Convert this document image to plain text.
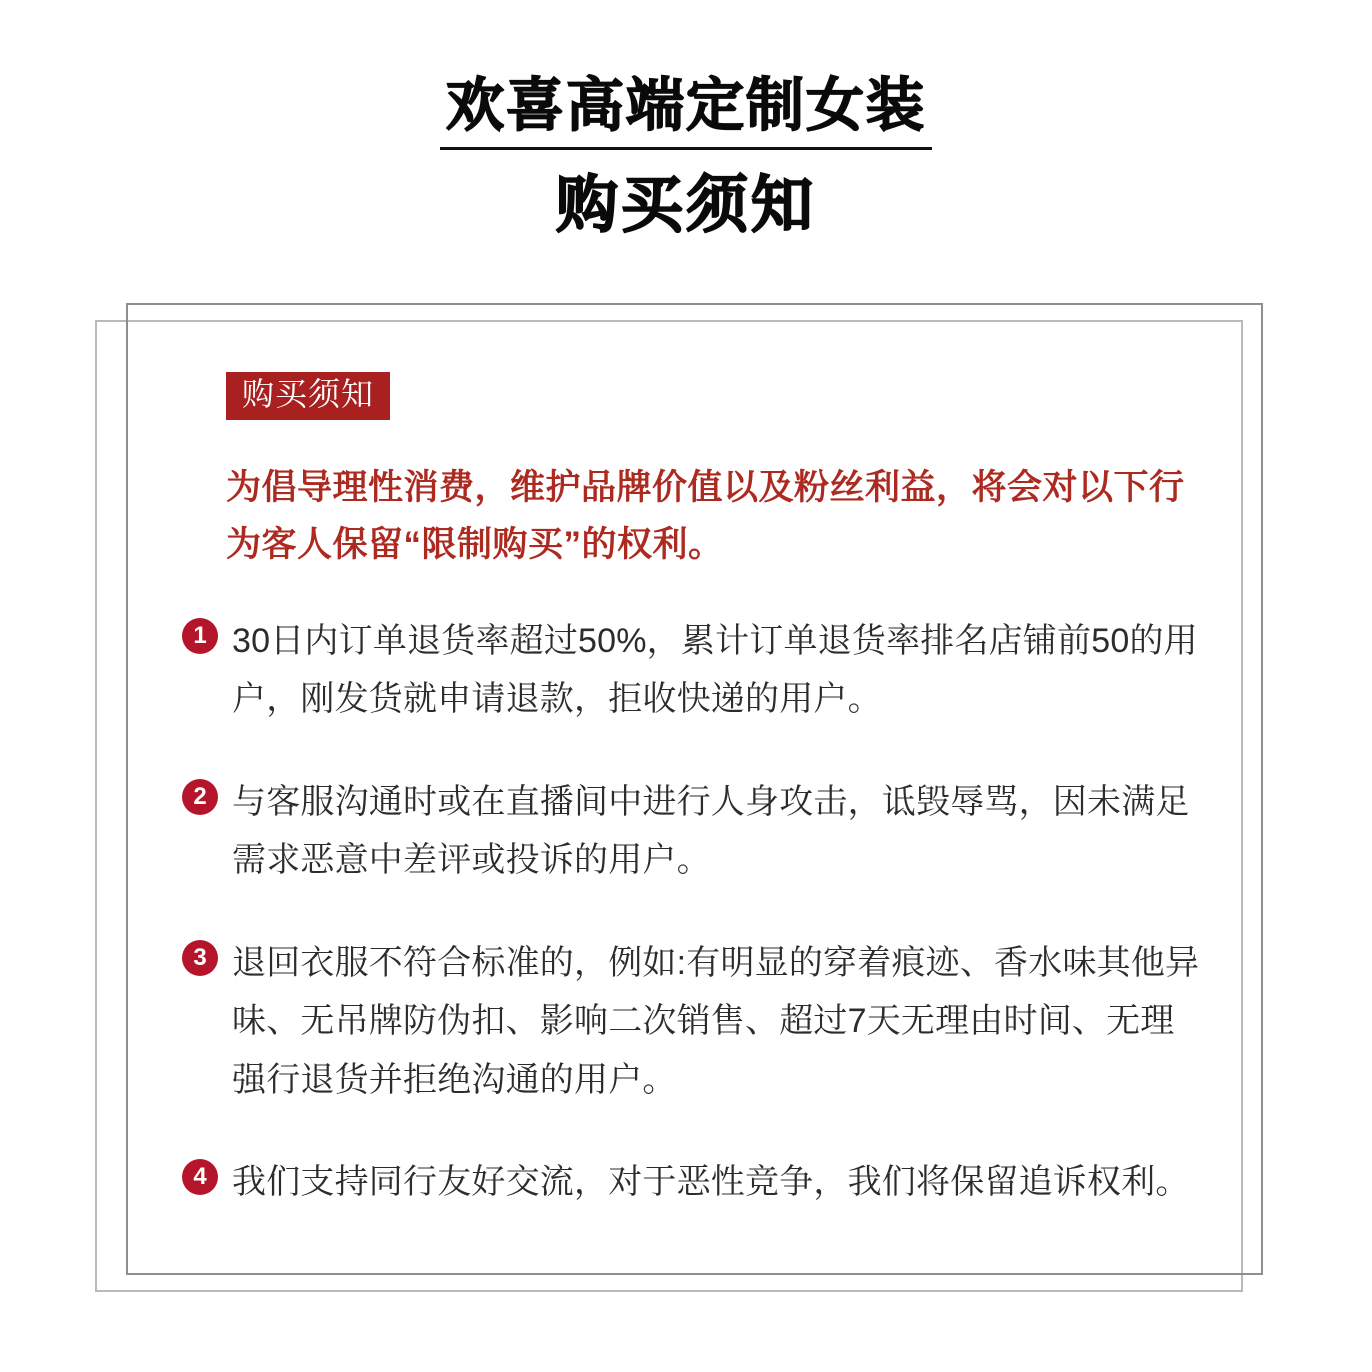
欢喜高端定制女装
购买须知
购买须知
为倡导理性消费，维护品牌价值以及粉丝利益，将会对以下行为客人保留“限制购买”的权利。
1 30日内订单退货率超过50%，累计订单退货率排名店铺前50的用户，刚发货就申请退款，拒收快递的用户。
2 与客服沟通时或在直播间中进行人身攻击，诋毁辱骂，因未满足需求恶意中差评或投诉的用户。
3 退回衣服不符合标准的，例如:有明显的穿着痕迹、香水味其他异味、无吊牌防伪扣、影响二次销售、超过7天无理由时间、无理强行退货并拒绝沟通的用户。
4 我们支持同行友好交流，对于恶性竞争，我们将保留追诉权利。
